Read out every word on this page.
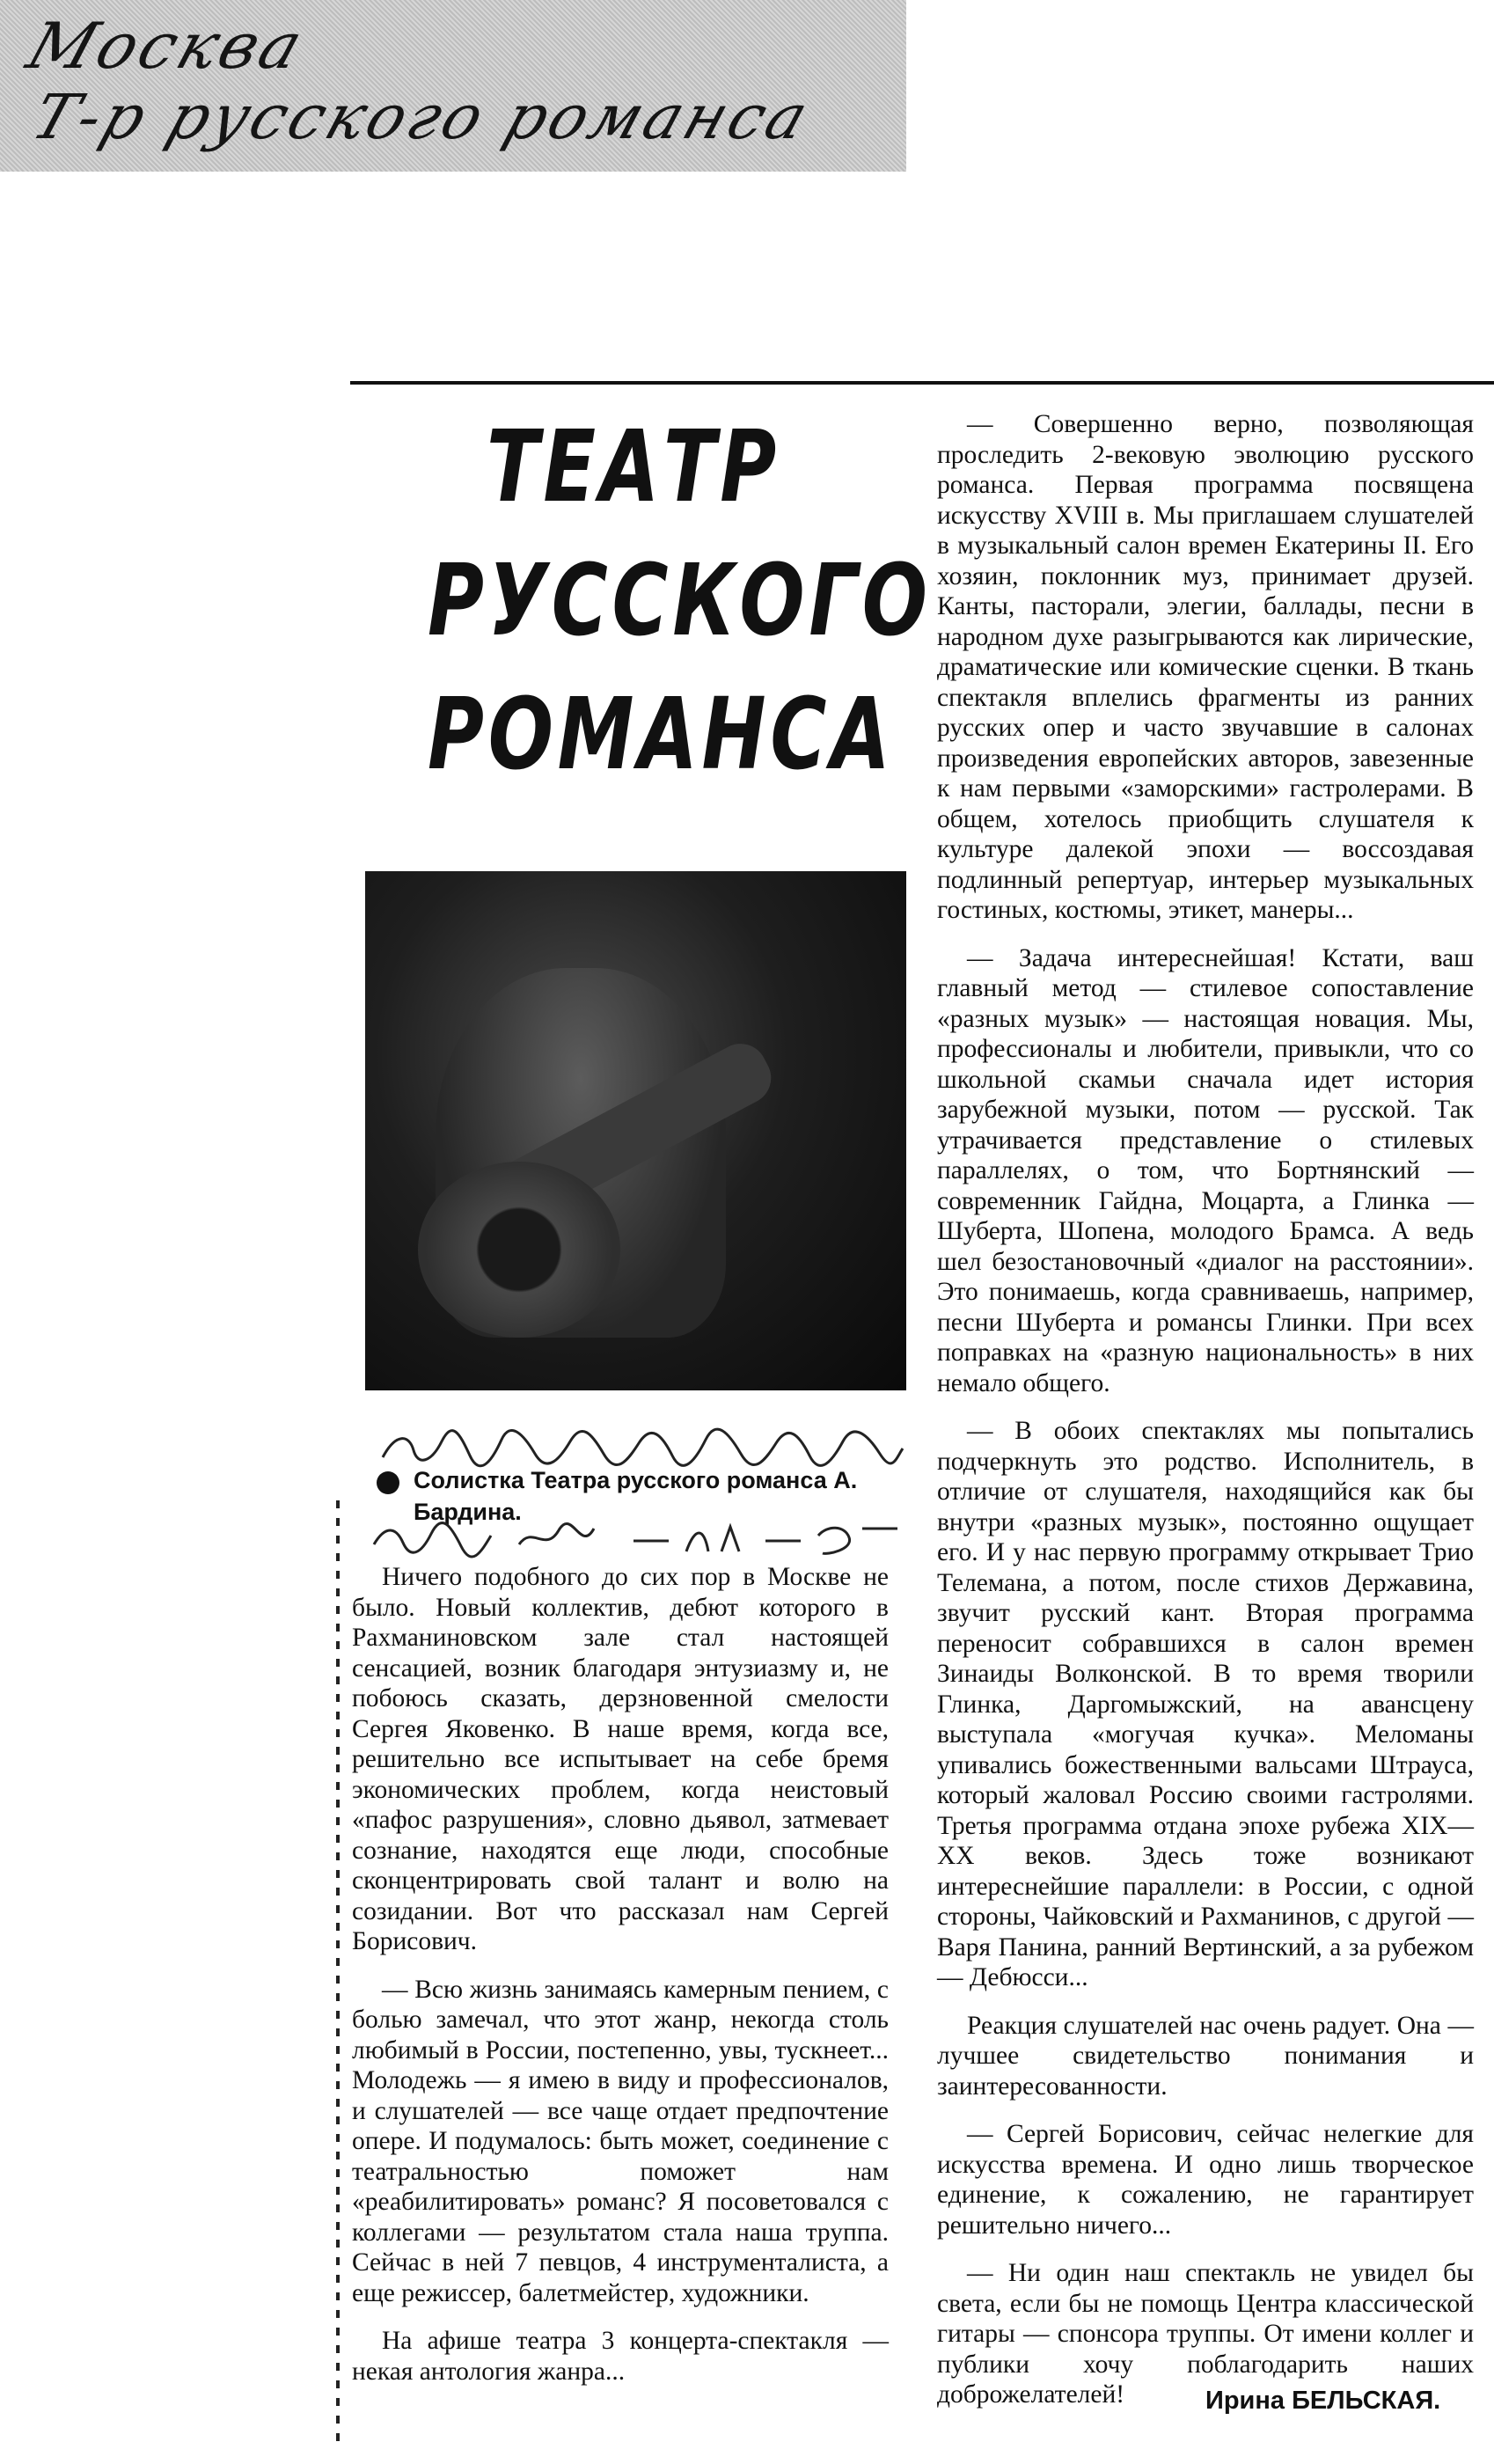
Москва
Т-р русского романса
ТЕАТР
РУССКОГО
РОМАНСА
Солистка Театра русского романса А. Бардина.

Ничего подобного до сих пор в Москве не было. Новый коллектив, дебют которого в Рахманиновском зале стал настоящей сенсацией, возник благодаря энтузиазму и, не побоюсь сказать, дерзновенной смелости Сергея Яковенко. В наше время, когда все, решительно все испытывает на себе бремя экономических проблем, когда неистовый «пафос разрушения», словно дьявол, затмевает сознание, находятся еще люди, способные сконцентрировать свой талант и волю на созидании. Вот что рассказал нам Сергей Борисович.

— Всю жизнь занимаясь камерным пением, с болью замечал, что этот жанр, некогда столь любимый в России, постепенно, увы, тускнеет... Молодежь — я имею в виду и профессионалов, и слушателей — все чаще отдает предпочтение опере. И подумалось: быть может, соединение с театральностью поможет нам «реабилитировать» романс? Я посоветовался с коллегами — результатом стала наша труппа. Сейчас в ней 7 певцов, 4 инструменталиста, а еще режиссер, балетмейстер, художники.

На афише театра 3 концерта-спектакля — некая антология жанра...

— Совершенно верно, позволяющая проследить 2-вековую эволюцию русского романса. Первая программа посвящена искусству XVIII в. Мы приглашаем слушателей в музыкальный салон времен Екатерины II. Его хозяин, поклонник муз, принимает друзей. Канты, пасторали, элегии, баллады, песни в народном духе разыгрываются как лирические, драматические или комические сценки. В ткань спектакля вплелись фрагменты из ранних русских опер и часто звучавшие в салонах произведения европейских авторов, завезенные к нам первыми «заморскими» гастролерами. В общем, хотелось приобщить слушателя к культуре далекой эпохи — воссоздавая подлинный репертуар, интерьер музыкальных гостиных, костюмы, этикет, манеры...

— Задача интереснейшая! Кстати, ваш главный метод — стилевое сопоставление «разных музык» — настоящая новация. Мы, профессионалы и любители, привыкли, что со школьной скамьи сначала идет история зарубежной музыки, потом — русской. Так утрачивается представление о стилевых параллелях, о том, что Бортнянский — современник Гайдна, Моцарта, а Глинка — Шуберта, Шопена, молодого Брамса. А ведь шел безостановочный «диалог на расстоянии». Это понимаешь, когда сравниваешь, например, песни Шуберта и романсы Глинки. При всех поправках на «разную национальность» в них немало общего.

— В обоих спектаклях мы попытались подчеркнуть это родство. Исполнитель, в отличие от слушателя, находящийся как бы внутри «разных музык», постоянно ощущает его. И у нас первую программу открывает Трио Телемана, а потом, после стихов Державина, звучит русский кант. Вторая программа переносит собравшихся в салон времен Зинаиды Волконской. В то время творили Глинка, Даргомыжский, на авансцену выступала «могучая кучка». Меломаны упивались божественными вальсами Штрауса, который жаловал Россию своими гастролями. Третья программа отдана эпохе рубежа XIX—XX веков. Здесь тоже возникают интереснейшие параллели: в России, с одной стороны, Чайковский и Рахманинов, с другой — Варя Панина, ранний Вертинский, а за рубежом — Дебюсси...

Реакция слушателей нас очень радует. Она — лучшее свидетельство понимания и заинтересованности.

— Сергей Борисович, сейчас нелегкие для искусства времена. И одно лишь творческое единение, к сожалению, не гарантирует решительно ничего...

— Ни один наш спектакль не увидел бы света, если бы не помощь Центра классической гитары — спонсора труппы. От имени коллег и публики хочу поблагодарить наших доброжелателей!	Ирина БЕЛЬСКАЯ.
